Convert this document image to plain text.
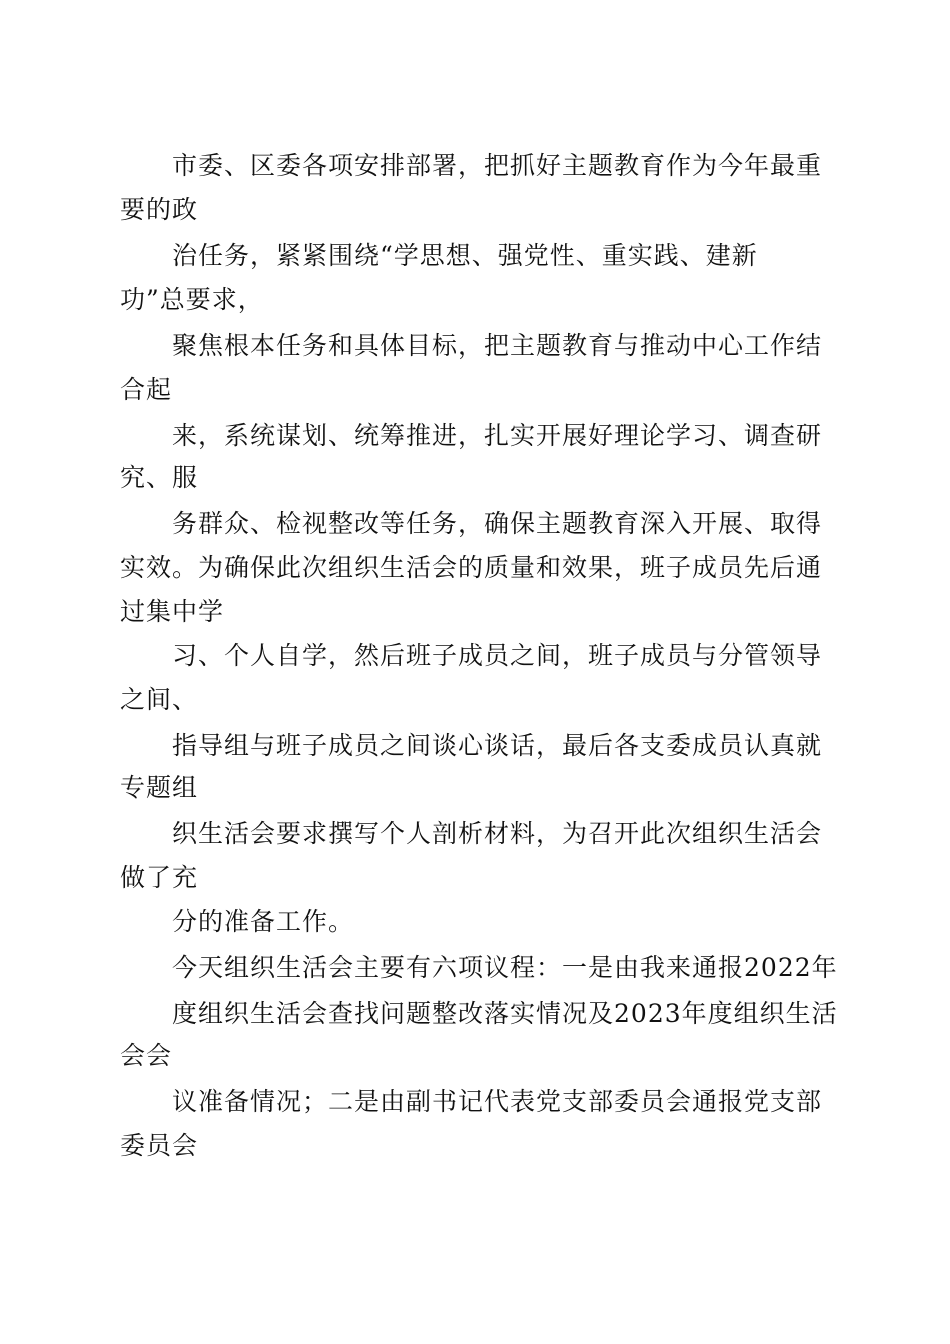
市委、区委各项安排部署，把抓好主题教育作为今年最重
要的政
治任务，紧紧围绕“学思想、强党性、重实践、建新
功”总要求，
聚焦根本任务和具体目标，把主题教育与推动中心工作结
合起
来，系统谋划、统筹推进，扎实开展好理论学习、调查研
究、服
务群众、检视整改等任务，确保主题教育深入开展、取得
实效。为确保此次组织生活会的质量和效果，班子成员先后通
过集中学
习、个人自学，然后班子成员之间，班子成员与分管领导
之间、
指导组与班子成员之间谈心谈话，最后各支委成员认真就
专题组
织生活会要求撰写个人剖析材料，为召开此次组织生活会
做了充
分的准备工作。
今天组织生活会主要有六项议程：一是由我来通报2022年
度组织生活会查找问题整改落实情况及2023年度组织生活
会会
议准备情况；二是由副书记代表党支部委员会通报党支部
委员会
